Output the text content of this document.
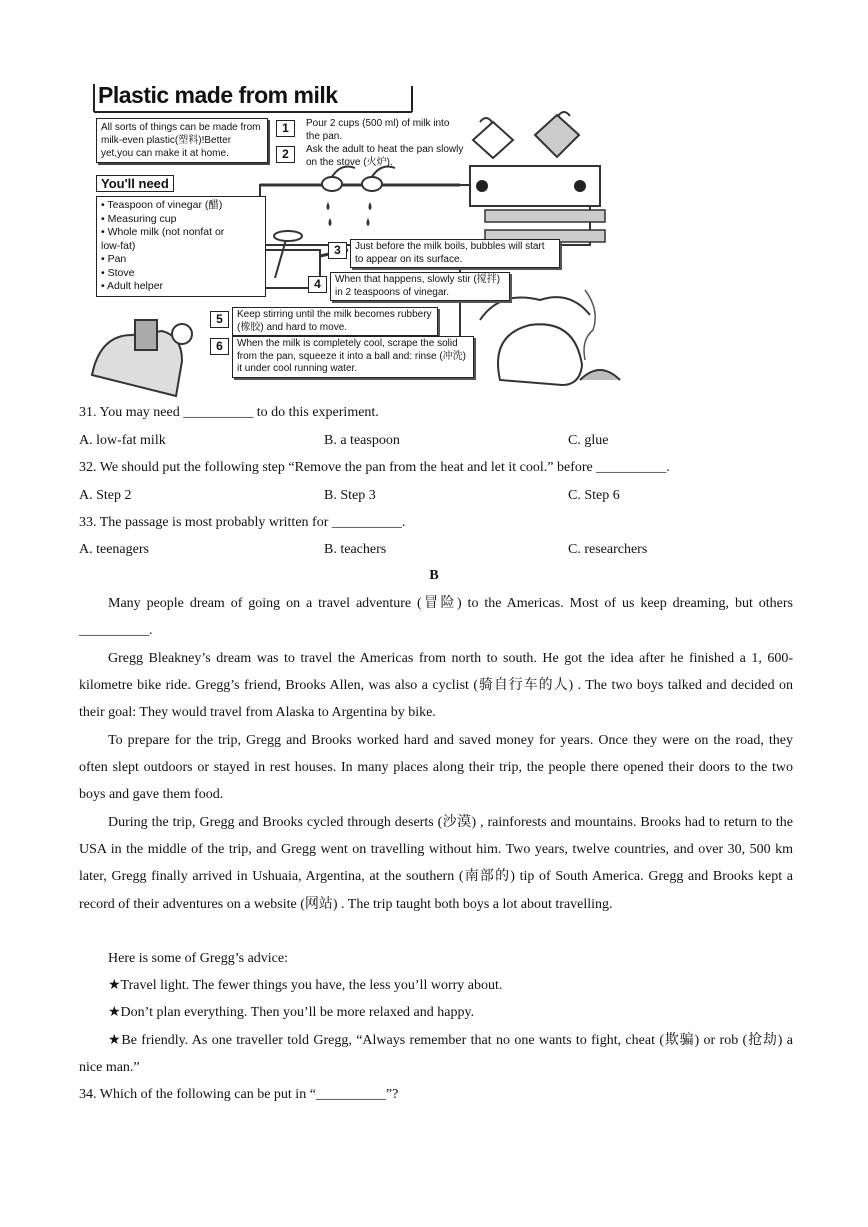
Plastic made from milk
All sorts of things can be made from milk-even plastic(塑料)!Better yet,you can make it at home.
You'll need
• Teaspoon of vinegar (醋)
• Measuring cup
• Whole milk (not nonfat or
low-fat)
• Pan
• Stove
• Adult helper
1	Pour 2 cups (500 ml) of milk into the pan.
2	Ask the adult to heat the pan slowly on the stove (火炉).
3	Just before the milk boils, bubbles will start to appear on its surface.
4	When that happens, slowly stir (搅拌) in 2 teaspoons of vinegar.
5	Keep stirring until the milk becomes rubbery (橡胶) and hard to move.
6	When the milk is completely cool, scrape the solid from the pan, squeeze it into a ball and: rinse (冲洗) it under cool running water.
31. You may need __________ to do this experiment.
A. low-fat milk	B. a teaspoon	C. glue
32. We should put the following step “Remove the pan from the heat and let it cool.” before __________.
A. Step 2	B. Step 3	C. Step 6
33. The passage is most probably written for __________.
A. teenagers	B. teachers	C. researchers
B
Many people dream of going on a travel adventure (冒险) to the Americas. Most of us keep dreaming, but others __________.
Gregg Bleakney’s dream was to travel the Americas from north to south. He got the idea after he finished a 1, 600-kilometre bike ride. Gregg’s friend, Brooks Allen, was also a cyclist (骑自行车的人) . The two boys talked and decided on their goal: They would travel from Alaska to Argentina by bike.
To prepare for the trip, Gregg and Brooks worked hard and saved money for years. Once they were on the road, they often slept outdoors or stayed in rest houses. In many places along their trip, the people there opened their doors to the two boys and gave them food.
During the trip, Gregg and Brooks cycled through deserts (沙漠) , rainforests and mountains. Brooks had to return to the USA in the middle of the trip, and Gregg went on travelling without him. Two years, twelve countries, and over 30, 500 km later, Gregg finally arrived in Ushuaia, Argentina, at the southern (南部的) tip of South America. Gregg and Brooks kept a record of their adventures on a website (网站) . The trip taught both boys a lot about travelling.
Here is some of Gregg’s advice:
★Travel light. The fewer things you have, the less you’ll worry about.
★Don’t plan everything. Then you’ll be more relaxed and happy.
★Be friendly. As one traveller told Gregg, “Always remember that no one wants to fight, cheat (欺骗) or rob (抢劫) a nice man.”
34. Which of the following can be put in “__________”?
